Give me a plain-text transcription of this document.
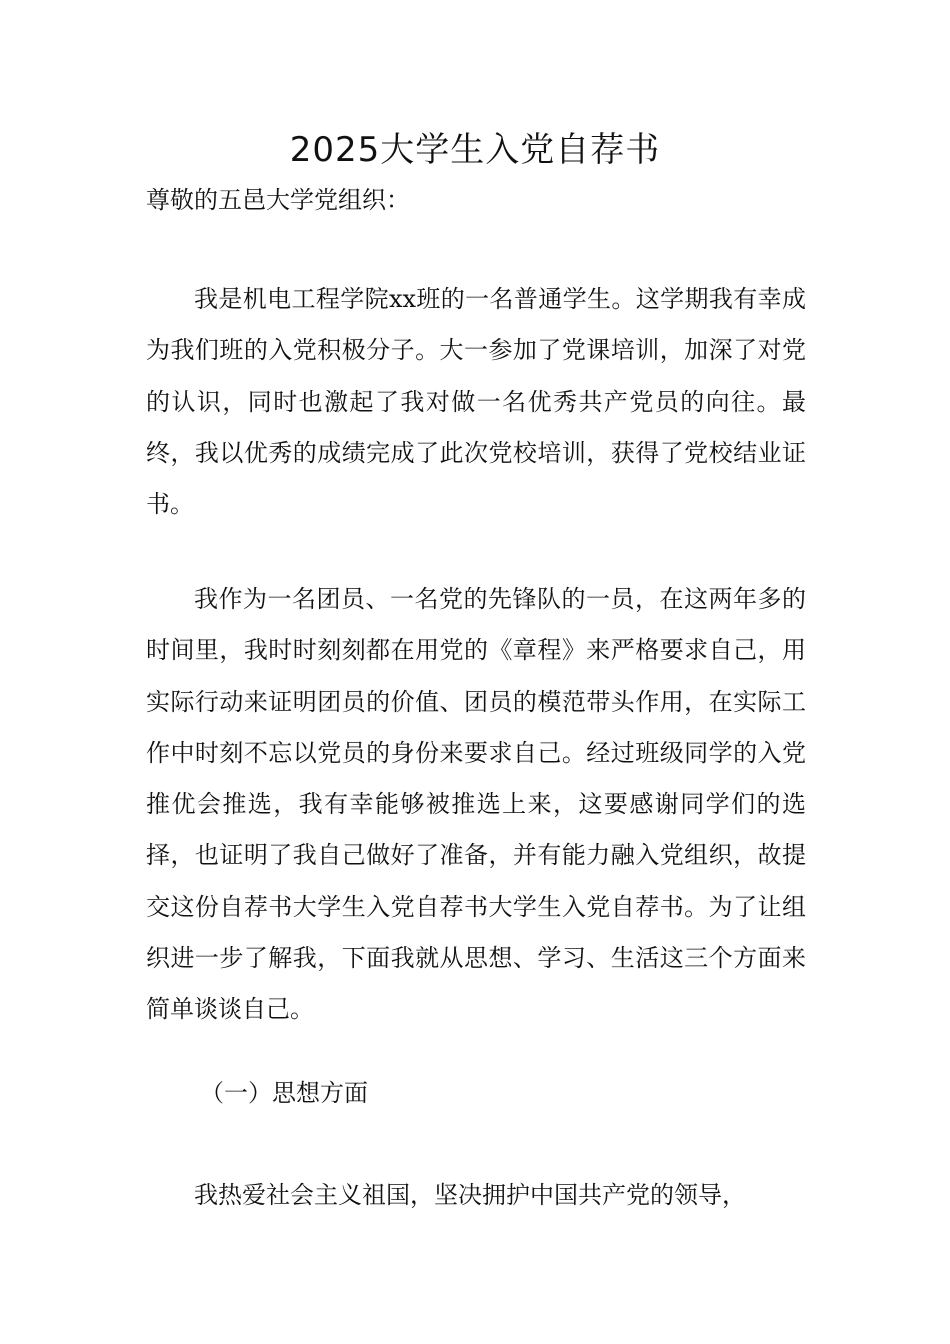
2025大学生入党自荐书

尊敬的五邑大学党组织：

我是机电工程学院xx班的一名普通学生。这学期我有幸成为我们班的入党积极分子。大一参加了党课培训，加深了对党的认识，同时也激起了我对做一名优秀共产党员的向往。最终，我以优秀的成绩完成了此次党校培训，获得了党校结业证书。

我作为一名团员、一名党的先锋队的一员，在这两年多的时间里，我时时刻刻都在用党的《章程》来严格要求自己，用实际行动来证明团员的价值、团员的模范带头作用，在实际工作中时刻不忘以党员的身份来要求自己。经过班级同学的入党推优会推选，我有幸能够被推选上来，这要感谢同学们的选择，也证明了我自己做好了准备，并有能力融入党组织，故提交这份自荐书大学生入党自荐书大学生入党自荐书。为了让组织进一步了解我，下面我就从思想、学习、生活这三个方面来简单谈谈自己。

（一）思想方面

我热爱社会主义祖国，坚决拥护中国共产党的领导，
